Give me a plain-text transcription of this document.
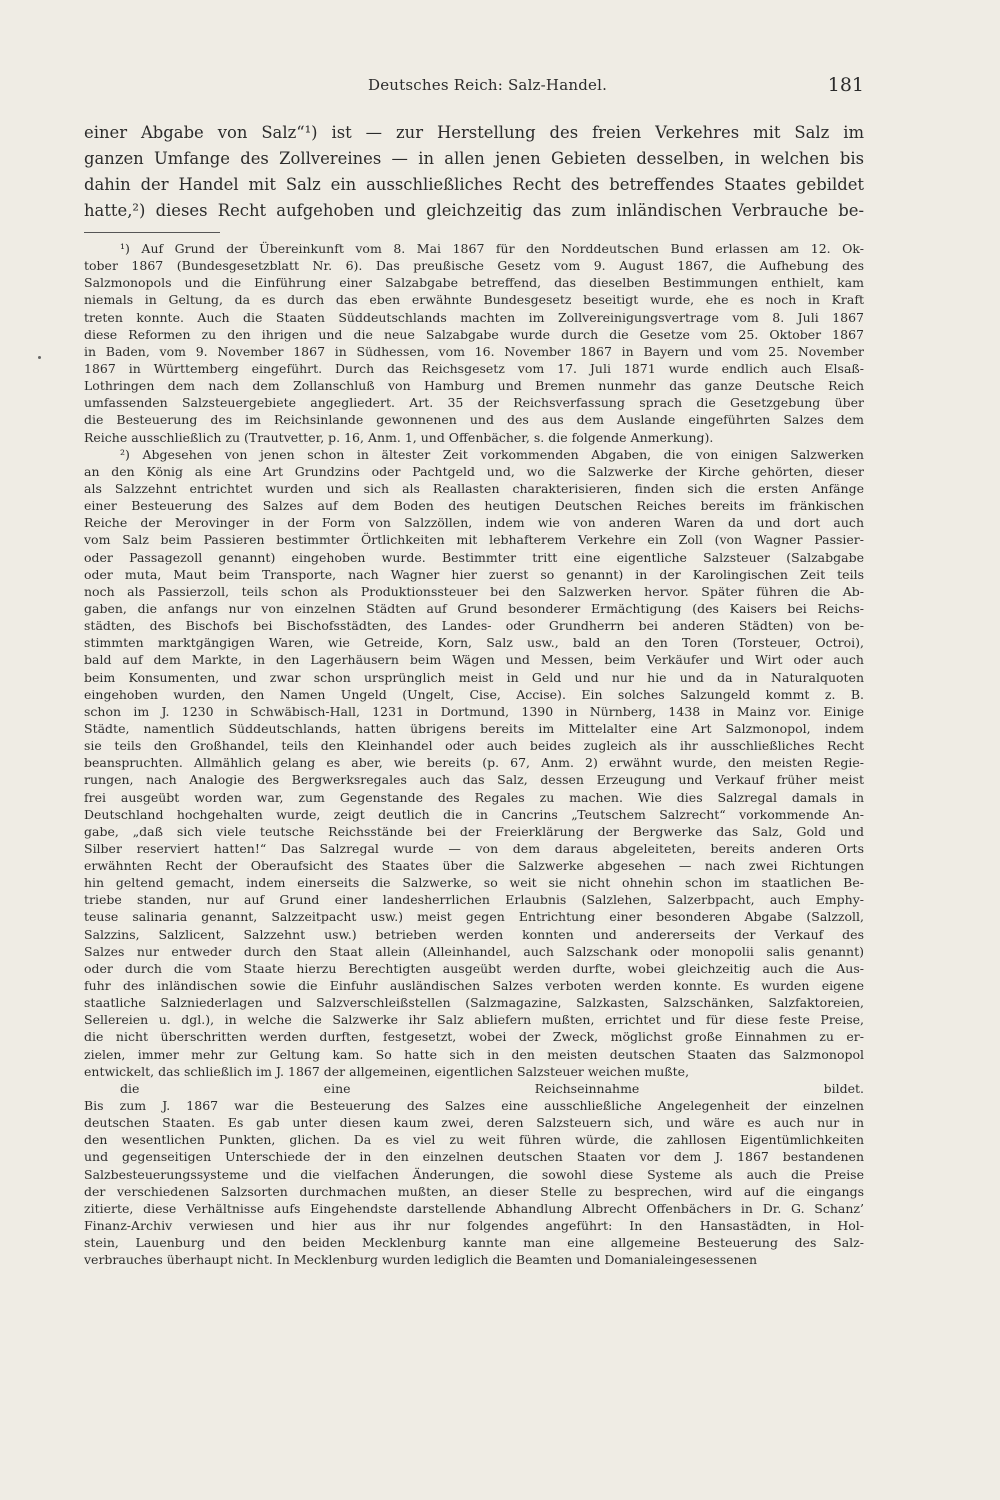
Deutsches Reich: Salz-Handel.	181
einer Abgabe von Salz“¹) ist — zur Herstellung des freien Verkehres mit Salz im
ganzen Umfange des Zollvereines — in allen jenen Gebieten desselben, in welchen bis
dahin der Handel mit Salz ein ausschließliches Recht des betreffendes Staates gebildet
hatte,²) dieses Recht aufgehoben und gleichzeitig das zum inländischen Verbrauche be-
¹) Auf Grund der Übereinkunft vom 8. Mai 1867 für den Norddeutschen Bund erlassen am 12. Ok-
tober 1867 (Bundesgesetzblatt Nr. 6). Das preußische Gesetz vom 9. August 1867, die Aufhebung des
Salzmonopols und die Einführung einer Salzabgabe betreffend, das dieselben Bestimmungen enthielt, kam
niemals in Geltung, da es durch das eben erwähnte Bundesgesetz beseitigt wurde, ehe es noch in Kraft
treten konnte. Auch die Staaten Süddeutschlands machten im Zollvereinigungsvertrage vom 8. Juli 1867
diese Reformen zu den ihrigen und die neue Salzabgabe wurde durch die Gesetze vom 25. Oktober 1867
in Baden, vom 9. November 1867 in Südhessen, vom 16. November 1867 in Bayern und vom 25. November
1867 in Württemberg eingeführt. Durch das Reichsgesetz vom 17. Juli 1871 wurde endlich auch Elsaß-
Lothringen dem nach dem Zollanschluß von Hamburg und Bremen nunmehr das ganze Deutsche Reich
umfassenden Salzsteuergebiete angegliedert. Art. 35 der Reichsverfassung sprach die Gesetzgebung über
die Besteuerung des im Reichsinlande gewonnenen und des aus dem Auslande eingeführten Salzes dem
Reiche ausschließlich zu (Trautvetter, p. 16, Anm. 1, und Offenbächer, s. die folgende Anmerkung).
²) Abgesehen von jenen schon in ältester Zeit vorkommenden Abgaben, die von einigen Salzwerken
an den König als eine Art Grundzins oder Pachtgeld und, wo die Salzwerke der Kirche gehörten, dieser
als Salzzehnt entrichtet wurden und sich als Reallasten charakterisieren, finden sich die ersten Anfänge
einer Besteuerung des Salzes auf dem Boden des heutigen Deutschen Reiches bereits im fränkischen
Reiche der Merovinger in der Form von Salzzöllen, indem wie von anderen Waren da und dort auch
vom Salz beim Passieren bestimmter Örtlichkeiten mit lebhafterem Verkehre ein Zoll (von Wagner Passier-
oder Passagezoll genannt) eingehoben wurde. Bestimmter tritt eine eigentliche Salzsteuer (Salzabgabe
oder muta, Maut beim Transporte, nach Wagner hier zuerst so genannt) in der Karolingischen Zeit teils
noch als Passierzoll, teils schon als Produktionssteuer bei den Salzwerken hervor. Später führen die Ab-
gaben, die anfangs nur von einzelnen Städten auf Grund besonderer Ermächtigung (des Kaisers bei Reichs-
städten, des Bischofs bei Bischofsstädten, des Landes- oder Grundherrn bei anderen Städten) von be-
stimmten marktgängigen Waren, wie Getreide, Korn, Salz usw., bald an den Toren (Torsteuer, Octroi),
bald auf dem Markte, in den Lagerhäusern beim Wägen und Messen, beim Verkäufer und Wirt oder auch
beim Konsumenten, und zwar schon ursprünglich meist in Geld und nur hie und da in Naturalquoten
eingehoben wurden, den Namen Ungeld (Ungelt, Cise, Accise). Ein solches Salzungeld kommt z. B.
schon im J. 1230 in Schwäbisch-Hall, 1231 in Dortmund, 1390 in Nürnberg, 1438 in Mainz vor. Einige
Städte, namentlich Süddeutschlands, hatten übrigens bereits im Mittelalter eine Art Salzmonopol, indem
sie teils den Großhandel, teils den Kleinhandel oder auch beides zugleich als ihr ausschließliches Recht
beanspruchten. Allmählich gelang es aber, wie bereits (p. 67, Anm. 2) erwähnt wurde, den meisten Regie-
rungen, nach Analogie des Bergwerksregales auch das Salz, dessen Erzeugung und Verkauf früher meist
frei ausgeübt worden war, zum Gegenstande des Regales zu machen. Wie dies Salzregal damals in
Deutschland hochgehalten wurde, zeigt deutlich die in Cancrins „Teutschem Salzrecht“ vorkommende An-
gabe, „daß sich viele teutsche Reichsstände bei der Freierklärung der Bergwerke das Salz, Gold und
Silber reserviert hatten!“ Das Salzregal wurde — von dem daraus abgeleiteten, bereits anderen Orts
erwähnten Recht der Oberaufsicht des Staates über die Salzwerke abgesehen — nach zwei Richtungen
hin geltend gemacht, indem einerseits die Salzwerke, so weit sie nicht ohnehin schon im staatlichen Be-
triebe standen, nur auf Grund einer landesherrlichen Erlaubnis (Salzlehen, Salzerbpacht, auch Emphy-
teuse salinaria genannt, Salzzeitpacht usw.) meist gegen Entrichtung einer besonderen Abgabe (Salzzoll,
Salzzins, Salzlicent, Salzzehnt usw.) betrieben werden konnten und andererseits der Verkauf des
Salzes nur entweder durch den Staat allein (Alleinhandel, auch Salzschank oder monopolii salis genannt)
oder durch die vom Staate hierzu Berechtigten ausgeübt werden durfte, wobei gleichzeitig auch die Aus-
fuhr des inländischen sowie die Einfuhr ausländischen Salzes verboten werden konnte. Es wurden eigene
staatliche Salzniederlagen und Salzverschleißstellen (Salzmagazine, Salzkasten, Salzschänken, Salzfaktoreien,
Sellereien u. dgl.), in welche die Salzwerke ihr Salz abliefern mußten, errichtet und für diese feste Preise,
die nicht überschritten werden durften, festgesetzt, wobei der Zweck, möglichst große Einnahmen zu er-
zielen, immer mehr zur Geltung kam. So hatte sich in den meisten deutschen Staaten das Salzmonopol
entwickelt, das schließlich im J. 1867 der allgemeinen, eigentlichen Salzsteuer weichen mußte,
die eine Reichseinnahme bildet.
Bis zum J. 1867 war die Besteuerung des Salzes eine ausschließliche Angelegenheit der einzelnen
deutschen Staaten. Es gab unter diesen kaum zwei, deren Salzsteuern sich, und wäre es auch nur in
den wesentlichen Punkten, glichen. Da es viel zu weit führen würde, die zahllosen Eigentümlichkeiten
und gegenseitigen Unterschiede der in den einzelnen deutschen Staaten vor dem J. 1867 bestandenen
Salzbesteuerungssysteme und die vielfachen Änderungen, die sowohl diese Systeme als auch die Preise
der verschiedenen Salzsorten durchmachen mußten, an dieser Stelle zu besprechen, wird auf die eingangs
zitierte, diese Verhältnisse aufs Eingehendste darstellende Abhandlung Albrecht Offenbächers in Dr. G. Schanz’
Finanz-Archiv verwiesen und hier aus ihr nur folgendes angeführt: In den Hansastädten, in Hol-
stein, Lauenburg und den beiden Mecklenburg kannte man eine allgemeine Besteuerung des Salz-
verbrauches überhaupt nicht. In Mecklenburg wurden lediglich die Beamten und Domanialeingesessenen
